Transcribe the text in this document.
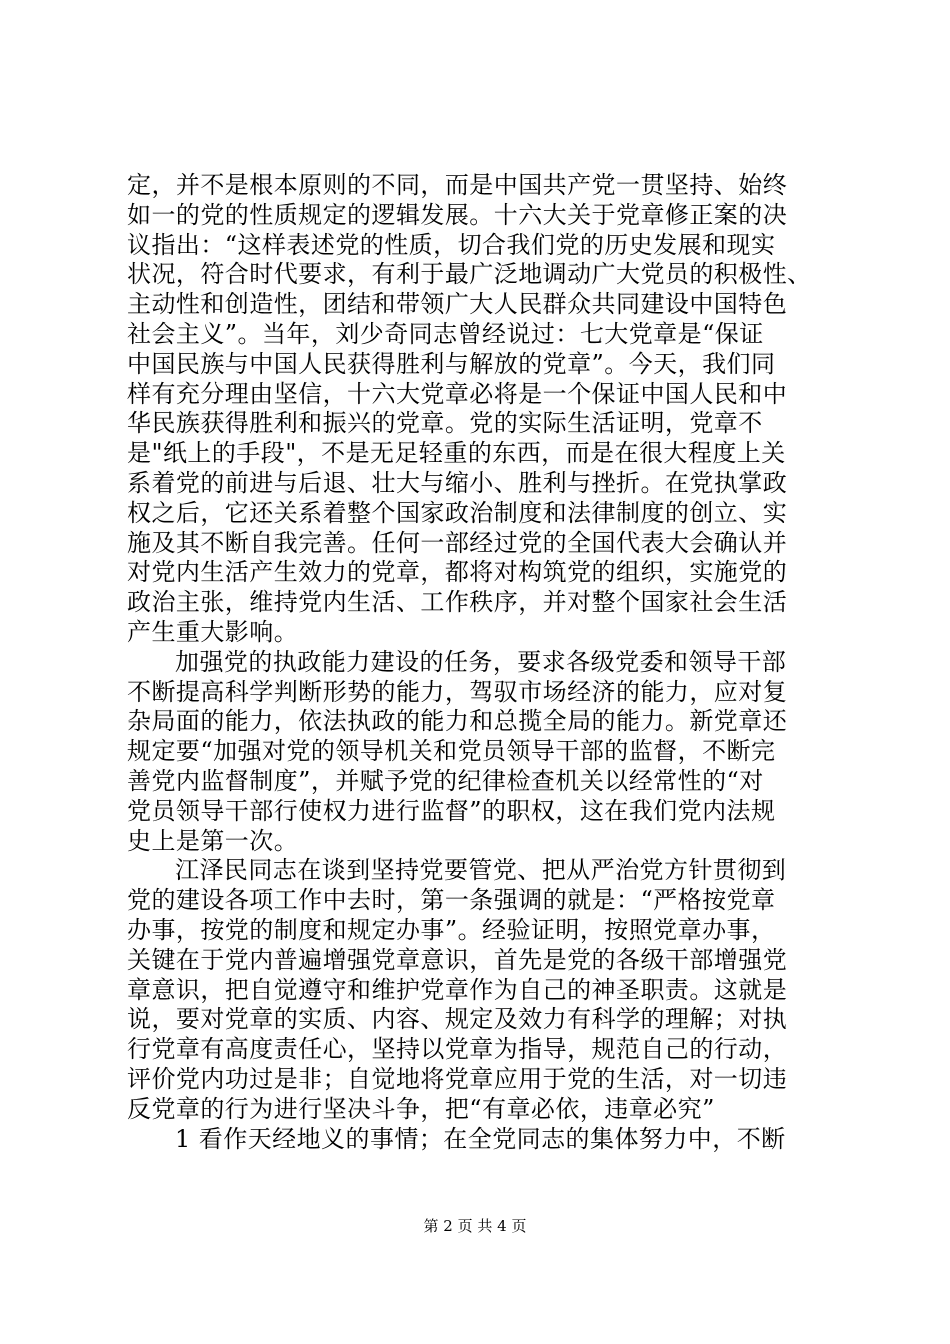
定，并不是根本原则的不同，而是中国共产党一贯坚持、始终
如一的党的性质规定的逻辑发展。十六大关于党章修正案的决
议指出：“这样表述党的性质，切合我们党的历史发展和现实
状况，符合时代要求，有利于最广泛地调动广大党员的积极性、
主动性和创造性，团结和带领广大人民群众共同建设中国特色
社会主义”。当年，刘少奇同志曾经说过：七大党章是“保证
中国民族与中国人民获得胜利与解放的党章”。今天，我们同
样有充分理由坚信，十六大党章必将是一个保证中国人民和中
华民族获得胜利和振兴的党章。党的实际生活证明，党章不
是"纸上的手段"，不是无足轻重的东西，而是在很大程度上关
系着党的前进与后退、壮大与缩小、胜利与挫折。在党执掌政
权之后，它还关系着整个国家政治制度和法律制度的创立、实
施及其不断自我完善。任何一部经过党的全国代表大会确认并
对党内生活产生效力的党章，都将对构筑党的组织，实施党的
政治主张，维持党内生活、工作秩序，并对整个国家社会生活
产生重大影响。
加强党的执政能力建设的任务，要求各级党委和领导干部
不断提高科学判断形势的能力，驾驭市场经济的能力，应对复
杂局面的能力，依法执政的能力和总揽全局的能力。新党章还
规定要“加强对党的领导机关和党员领导干部的监督，不断完
善党内监督制度”，并赋予党的纪律检查机关以经常性的“对
党员领导干部行使权力进行监督”的职权，这在我们党内法规
史上是第一次。
江泽民同志在谈到坚持党要管党、把从严治党方针贯彻到
党的建设各项工作中去时，第一条强调的就是：“严格按党章
办事，按党的制度和规定办事”。经验证明，按照党章办事，
关键在于党内普遍增强党章意识，首先是党的各级干部增强党
章意识，把自觉遵守和维护党章作为自己的神圣职责。这就是
说，要对党章的实质、内容、规定及效力有科学的理解；对执
行党章有高度责任心，坚持以党章为指导，规范自己的行动，
评价党内功过是非；自觉地将党章应用于党的生活，对一切违
反党章的行为进行坚决斗争，把“有章必依，违章必究”
1 看作天经地义的事情；在全党同志的集体努力中，不断
第 2 页 共 4 页
